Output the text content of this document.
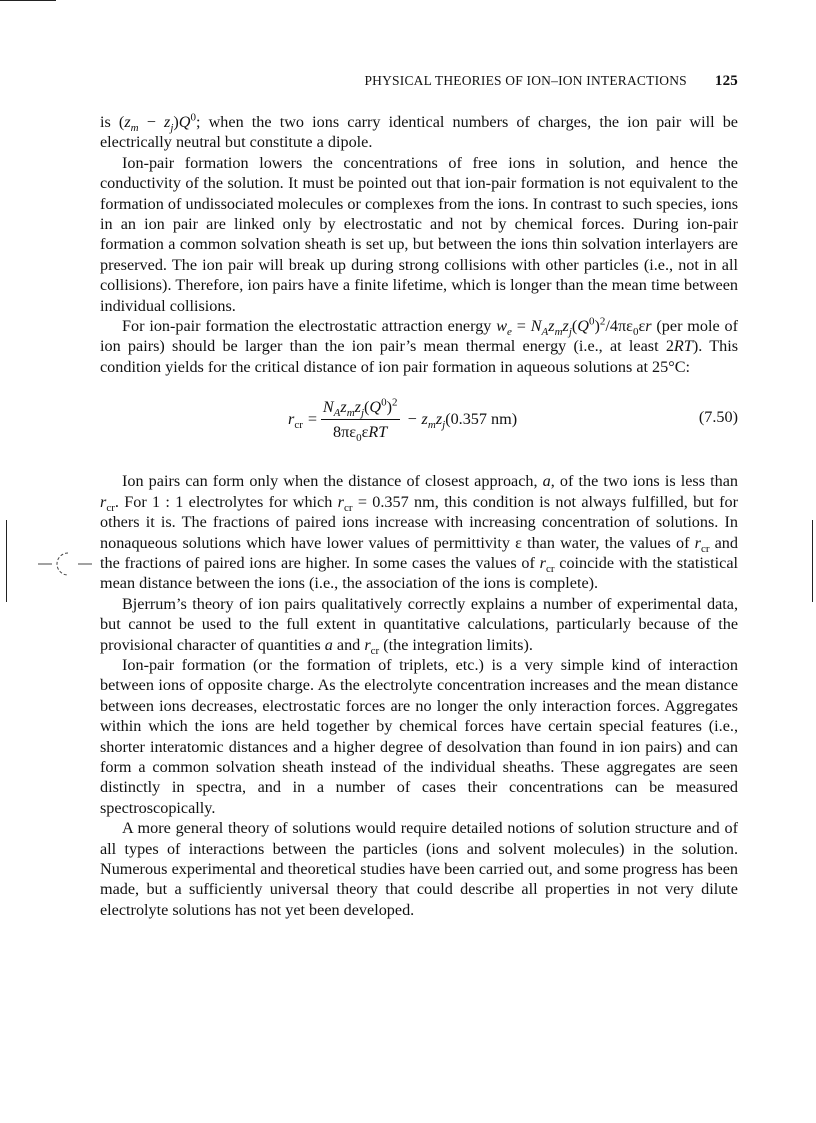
PHYSICAL THEORIES OF ION–ION INTERACTIONS 125

is $(z_m - z_j)Q^0$; when the two ions carry identical numbers of charges, the ion pair will be electrically neutral but constitute a dipole.

Ion-pair formation lowers the concentrations of free ions in solution, and hence the conductivity of the solution. It must be pointed out that ion-pair formation is not equivalent to the formation of undissociated molecules or complexes from the ions. In contrast to such species, ions in an ion pair are linked only by electrostatic and not by chemical forces. During ion-pair formation a common solvation sheath is set up, but between the ions thin solvation interlayers are preserved. The ion pair will break up during strong collisions with other particles (i.e., not in all collisions). Therefore, ion pairs have a finite lifetime, which is longer than the mean time between individual collisions.

For ion-pair formation the electrostatic attraction energy $w_e = N_Az_mz_j(Q^0)^2/4\pi\varepsilon_0\varepsilon r$ (per mole of ion pairs) should be larger than the ion pair’s mean thermal energy (i.e., at least 2RT). This condition yields for the critical distance of ion pair formation in aqueous solutions at 25°C:

$r_{cr} = \frac{N_Az_mz_j(Q^0)^2}{8\pi\varepsilon_0\varepsilon RT} - z_mz_j(0.357$ nm)	(7.50)

Ion pairs can form only when the distance of closest approach, a, of the two ions is less than $r_{cr}$. For 1 : 1 electrolytes for which $r_{cr} = 0.357$ nm, this condition is not always fulfilled, but for others it is. The fractions of paired ions increase with increasing concentration of solutions. In nonaqueous solutions which have lower values of permittivity ε than water, the values of $r_{cr}$ and the fractions of paired ions are higher. In some cases the values of $r_{cr}$ coincide with the statistical mean distance between the ions (i.e., the association of the ions is complete).

Bjerrum’s theory of ion pairs qualitatively correctly explains a number of experimental data, but cannot be used to the full extent in quantitative calculations, particularly because of the provisional character of quantities a and $r_{cr}$ (the integration limits).

Ion-pair formation (or the formation of triplets, etc.) is a very simple kind of interaction between ions of opposite charge. As the electrolyte concentration increases and the mean distance between ions decreases, electrostatic forces are no longer the only interaction forces. Aggregates within which the ions are held together by chemical forces have certain special features (i.e., shorter interatomic distances and a higher degree of desolvation than found in ion pairs) and can form a common solvation sheath instead of the individual sheaths. These aggregates are seen distinctly in spectra, and in a number of cases their concentrations can be measured spectroscopically.

A more general theory of solutions would require detailed notions of solution structure and of all types of interactions between the particles (ions and solvent molecules) in the solution. Numerous experimental and theoretical studies have been carried out, and some progress has been made, but a sufficiently universal theory that could describe all properties in not very dilute electrolyte solutions has not yet been developed.
